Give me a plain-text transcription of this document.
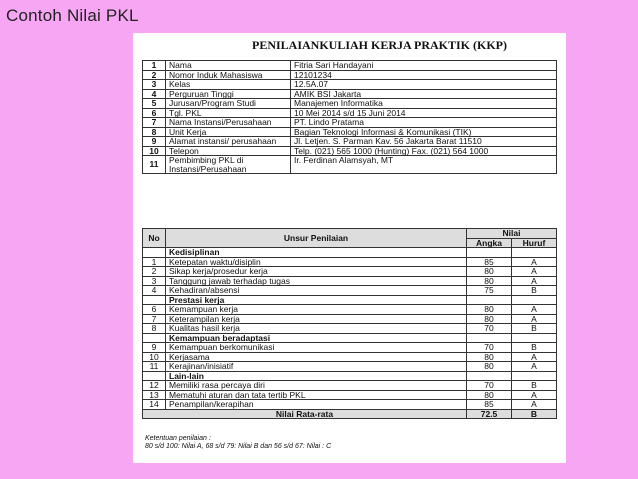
Contoh Nilai PKL
PENILAIANKULIAH KERJA PRAKTIK (KKP)
1	Nama	Fitria Sari Handayani
2	Nomor Induk Mahasiswa	12101234
3	Kelas	12.5A.07
4	Perguruan Tinggi	AMIK BSI Jakarta
5	Jurusan/Program Studi	Manajemen Informatika
6	Tgl. PKL	10 Mei 2014 s/d 15 Juni 2014
7	Nama Instansi/Perusahaan	PT. Lindo Pratama
8	Unit Kerja	Bagian Teknologi Informasi & Komunikasi (TIK)
9	Alamat instansi/ perusahaan	Jl. Letjen. S. Parman Kav. 56 Jakarta Barat 11510
10	Telepon	Telp. (021) 565 1000 (Hunting) Fax. (021) 564 1000
11	Pembimbing PKL di Instansi/Perusahaan	Ir. Ferdinan Alamsyah, MT
No	Unsur Penilaian	Nilai	
		Angka	Huruf
	Kedisiplinan		
1	Ketepatan waktu/disiplin	85	A
2	Sikap kerja/prosedur kerja	80	A
3	Tanggung jawab terhadap tugas	80	A
4	Kehadiran/absensi	75	B
	Prestasi kerja		
6	Kemampuan kerja	80	A
7	Keterampilan kerja	80	A
8	Kualitas hasil kerja	70	B
	Kemampuan beradaptasi		
9	Kemampuan berkomunikasi	70	B
10	Kerjasama	80	A
11	Kerajinan/inisiatif	80	A
	Lain-lain		
12	Memiliki rasa percaya diri	70	B
13	Mematuhi aturan dan tata tertib PKL	80	A
14	Penampilan/kerapihan	85	A
Nilai Rata-rata		72.5	B
Ketentuan penilaian :
80 s/d 100: Nilai A, 68 s/d 79: Nilai B dan 56 s/d 67: Nilai : C
